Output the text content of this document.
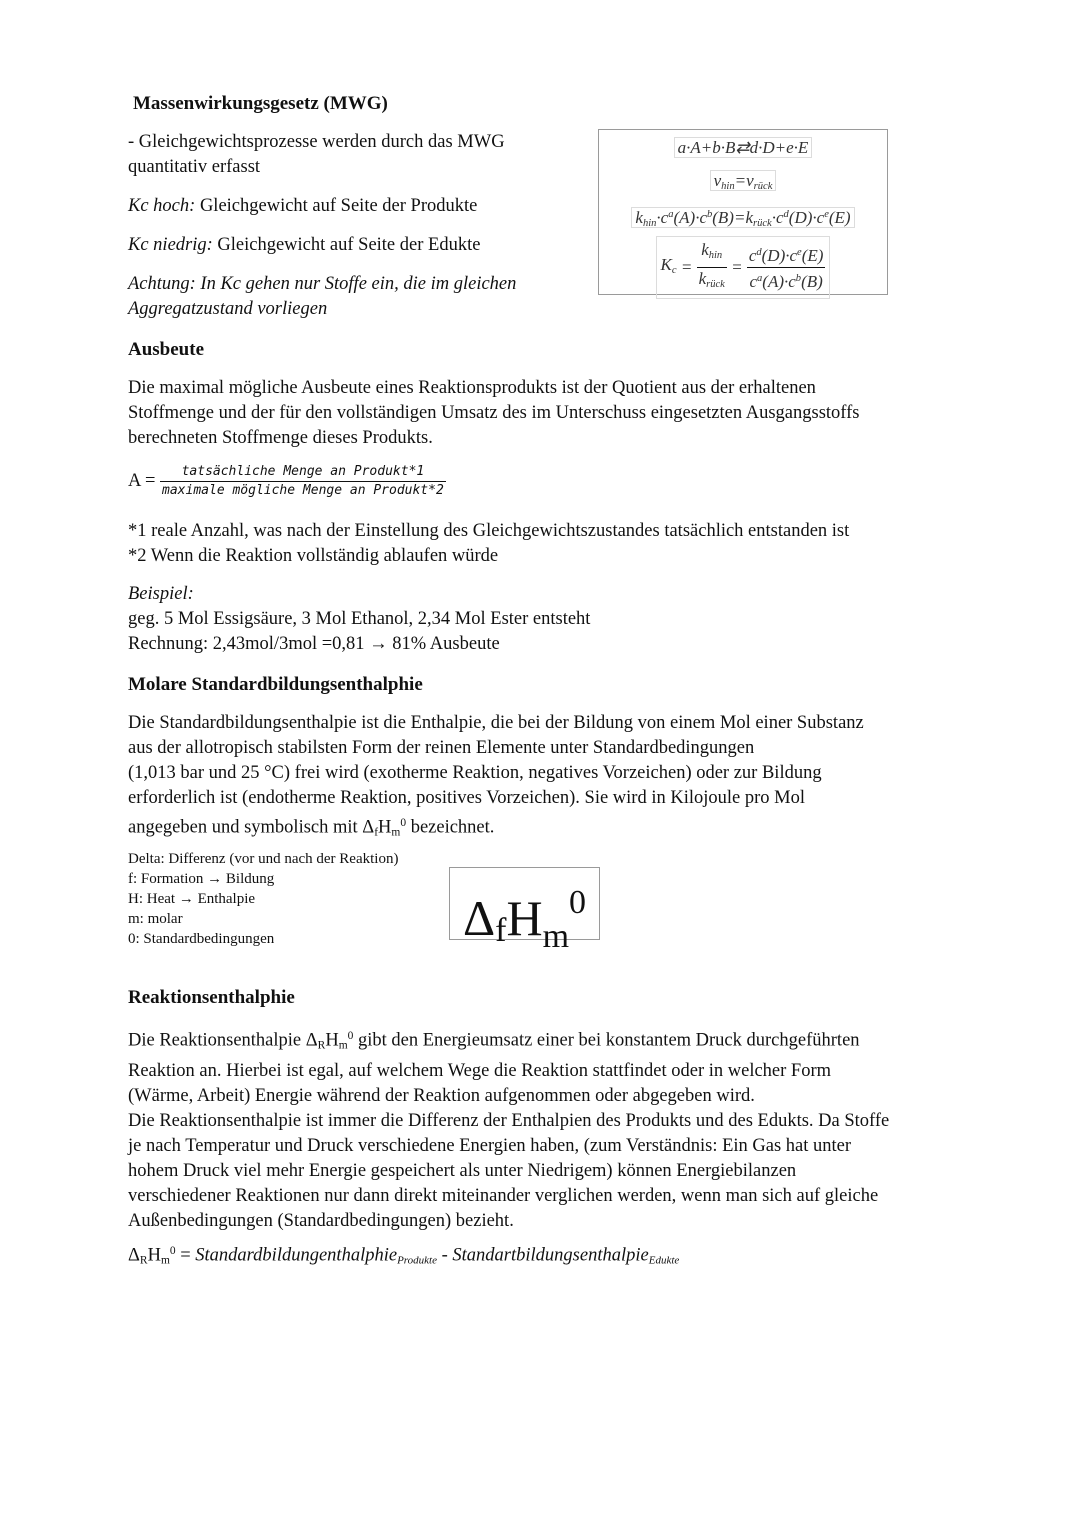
Massenwirkungsgesetz (MWG)

- Gleichgewichtsprozesse werden durch das MWG

quantitativ erfasst

Kc hoch: Gleichgewicht auf Seite der Produkte

Kc niedrig: Gleichgewicht auf Seite der Edukte

Achtung: In Kc gehen nur Stoffe ein, die im gleichen

Aggregatzustand vorliegen

a·A+b·B⇄d·D+e·E
$v_{hin}=v_{rück}$
$k_{hin}\cdot c^a(A)\cdot c^b(B)=k_{rück}\cdot c^d(D)\cdot c^e(E)$
$K_c = \frac{k_{hin}}{k_{rück}} = \frac{c^d(D)\cdot c^e(E)}{c^a(A)\cdot c^b(B)}$
Ausbeute

Die maximal mögliche Ausbeute eines Reaktionsprodukts ist der Quotient aus der erhaltenen

Stoffmenge und der für den vollständigen Umsatz des im Unterschuss eingesetzten Ausgangsstoffs

berechneten Stoffmenge dieses Produkts.

$A = \frac{\text{tatsächliche Menge an Produkt*1}}{\text{maximale mögliche Menge an Produkt*2}}$

*1 reale Anzahl, was nach der Einstellung des Gleichgewichtszustandes tatsächlich entstanden ist

*2 Wenn die Reaktion vollständig ablaufen würde

Beispiel:

geg. 5 Mol Essigsäure, 3 Mol Ethanol, 2,34 Mol Ester entsteht

Rechnung: 2,43mol/3mol =0,81 → 81% Ausbeute

Molare Standardbildungsenthalphie

Die Standardbildungsenthalpie ist die Enthalpie, die bei der Bildung von einem Mol einer Substanz

aus der allotropisch stabilsten Form der reinen Elemente unter Standardbedingungen

(1,013 bar und 25 °C) frei wird (exotherme Reaktion, negatives Vorzeichen) oder zur Bildung

erforderlich ist (endotherme Reaktion, positives Vorzeichen). Sie wird in Kilojoule pro Mol

angegeben und symbolisch mit $\Delta_fH_m^0$ bezeichnet.

Delta: Differenz (vor und nach der Reaktion)

f: Formation → Bildung

H: Heat → Enthalpie

m: molar

0: Standardbedingungen	ΔfH$_m^0$
Reaktionsenthalphie

Die Reaktionsenthalpie $\Delta_RH_m^0$ gibt den Energieumsatz einer bei konstantem Druck durchgeführten

Reaktion an. Hierbei ist egal, auf welchem Wege die Reaktion stattfindet oder in welcher Form

(Wärme, Arbeit) Energie während der Reaktion aufgenommen oder abgegeben wird.

Die Reaktionsenthalpie ist immer die Differenz der Enthalpien des Produkts und des Edukts. Da Stoffe

je nach Temperatur und Druck verschiedene Energien haben, (zum Verständnis: Ein Gas hat unter

hohem Druck viel mehr Energie gespeichert als unter Niedrigem) können Energiebilanzen

verschiedener Reaktionen nur dann direkt miteinander verglichen werden, wenn man sich auf gleiche

Außenbedingungen (Standardbedingungen) bezieht.

$\Delta_RH_m^0$ = Standardbildungenthalphie$_{Produkte}$ - Standartbildungsenthalpie$_{Edukte}$
